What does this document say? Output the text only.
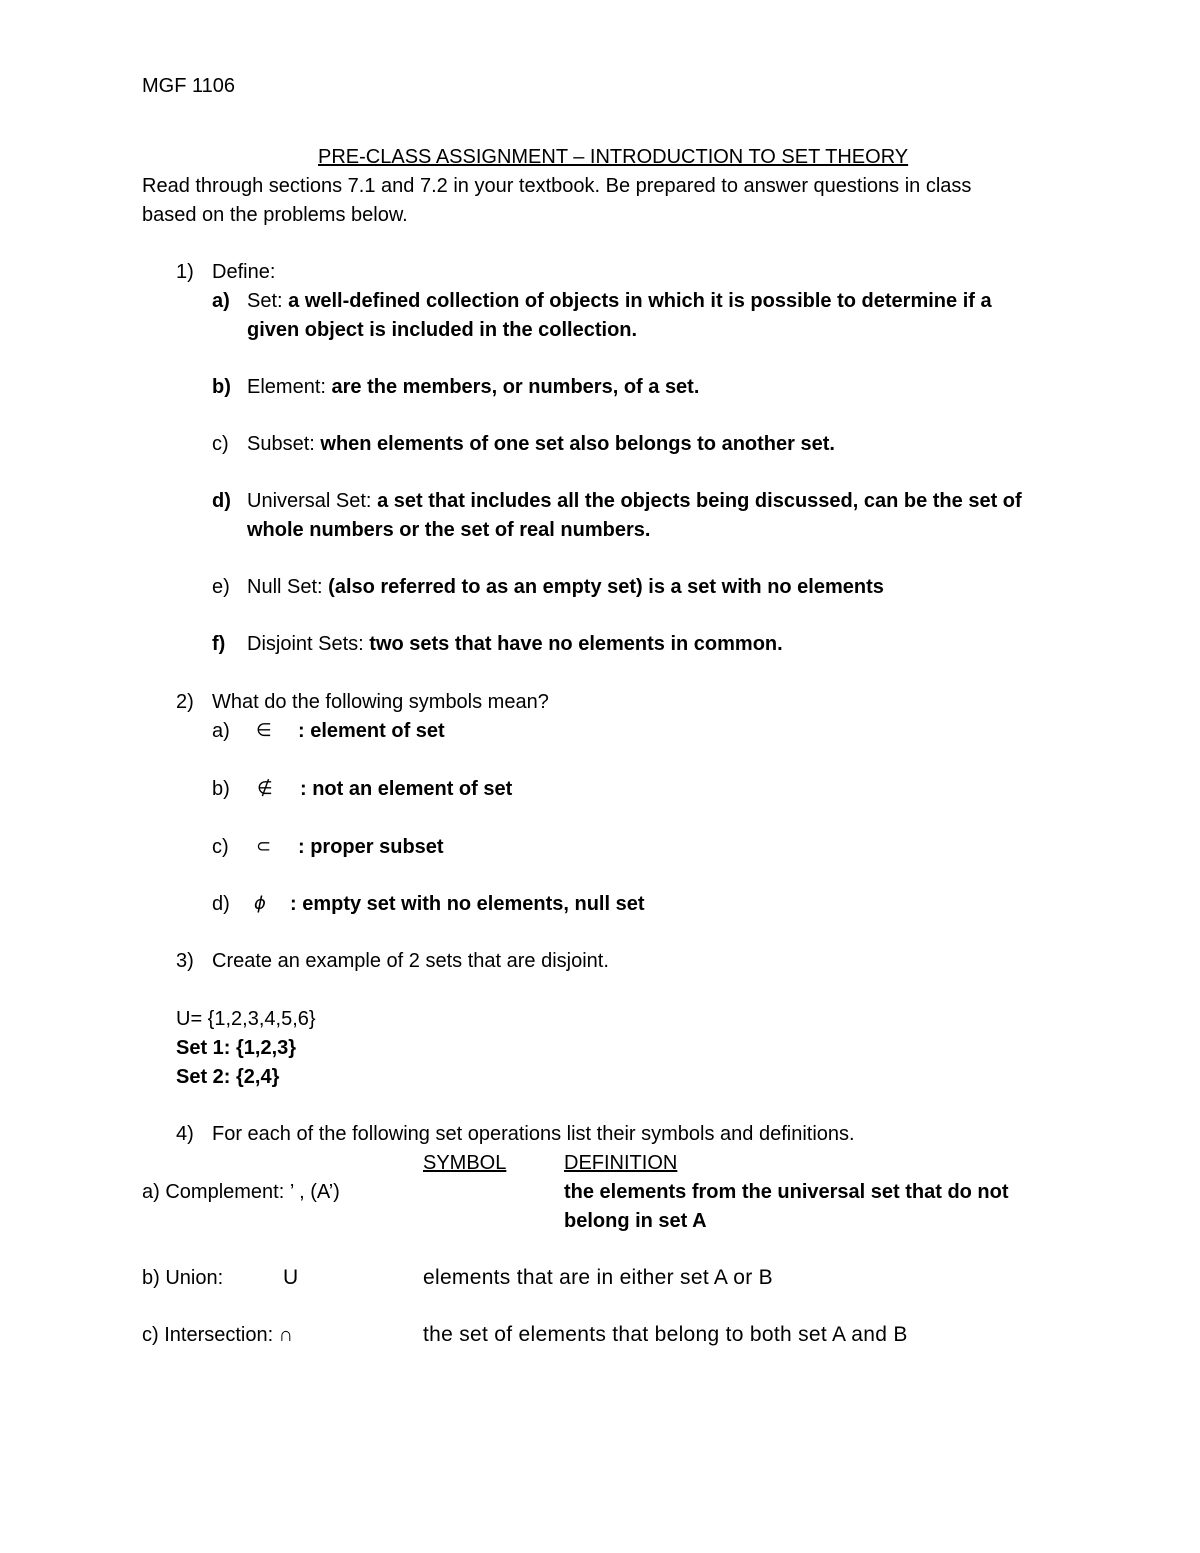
MGF 1106
PRE-CLASS ASSIGNMENT – INTRODUCTION TO SET THEORY
Read through sections 7.1 and 7.2 in your textbook. Be prepared to answer questions in class
based on the problems below.
1) Define:
a) Set: a well-defined collection of objects in which it is possible to determine if a
given object is included in the collection.
b) Element: are the members, or numbers, of a set.
c) Subset: when elements of one set also belongs to another set.
d) Universal Set: a set that includes all the objects being discussed, can be the set of
whole numbers or the set of real numbers.
e) Null Set: (also referred to as an empty set) is a set with no elements
f) Disjoint Sets: two sets that have no elements in common.
2) What do the following symbols mean?
a) ∈ : element of set
b) ∉ : not an element of set
c) ⊂ : proper subset
d) ϕ : empty set with no elements, null set
3) Create an example of 2 sets that are disjoint.
U= {1,2,3,4,5,6}
Set 1: {1,2,3}
Set 2: {2,4}
4) For each of the following set operations list their symbols and definitions.
SYMBOL	DEFINITION
a) Complement: ’ , (A’)	the elements from the universal set that do not
belong in set A
b) Union:	U	elements that are in either set A or B
c) Intersection: ∩	the set of elements that belong to both set A and B
